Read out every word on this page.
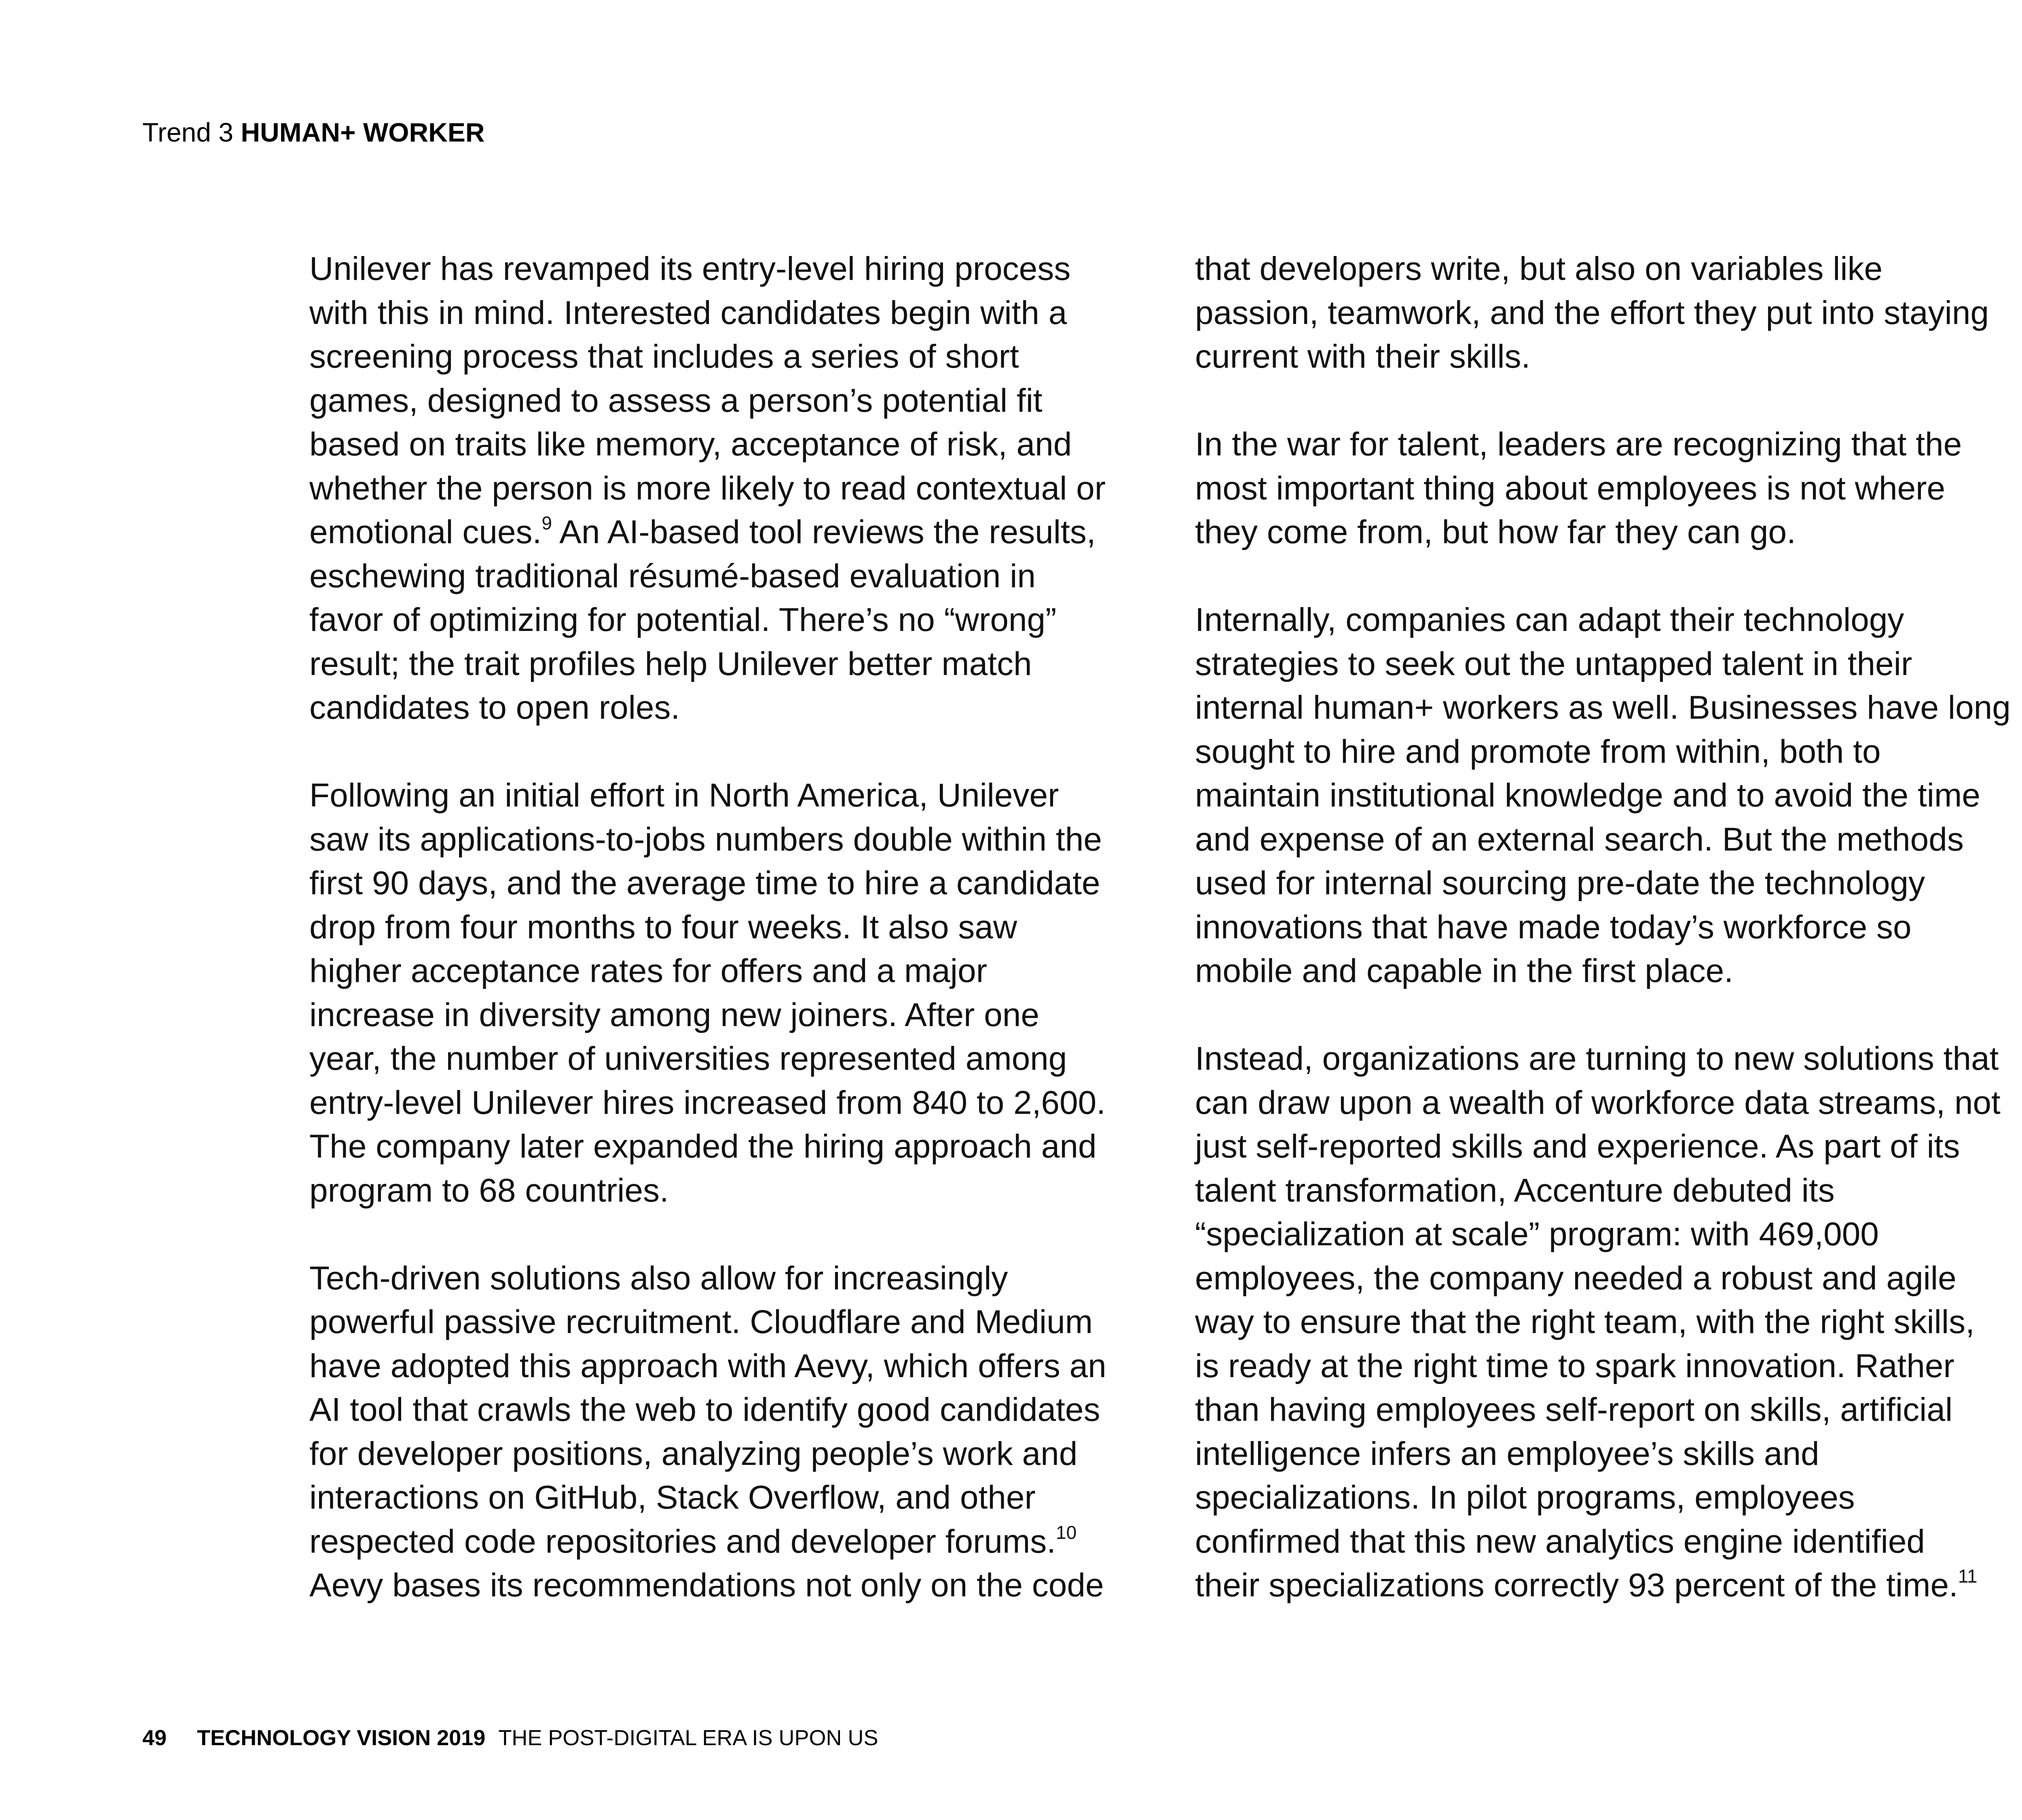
Trend 3 HUMAN+ WORKER

Unilever has revamped its entry-level hiring process
with this in mind. Interested candidates begin with a
screening process that includes a series of short
games, designed to assess a person’s potential fit
based on traits like memory, acceptance of risk, and
whether the person is more likely to read contextual or
emotional cues.$^9$ An AI-based tool reviews the results,
eschewing traditional résumé-based evaluation in
favor of optimizing for potential. There’s no “wrong”
result; the trait profiles help Unilever better match
candidates to open roles.

Following an initial effort in North America, Unilever
saw its applications-to-jobs numbers double within the
first 90 days, and the average time to hire a candidate
drop from four months to four weeks. It also saw
higher acceptance rates for offers and a major
increase in diversity among new joiners. After one
year, the number of universities represented among
entry-level Unilever hires increased from 840 to 2,600.
The company later expanded the hiring approach and
program to 68 countries.

Tech-driven solutions also allow for increasingly
powerful passive recruitment. Cloudflare and Medium
have adopted this approach with Aevy, which offers an
AI tool that crawls the web to identify good candidates
for developer positions, analyzing people’s work and
interactions on GitHub, Stack Overflow, and other
respected code repositories and developer forums.$^{10}$
Aevy bases its recommendations not only on the code

that developers write, but also on variables like
passion, teamwork, and the effort they put into staying
current with their skills.

In the war for talent, leaders are recognizing that the
most important thing about employees is not where
they come from, but how far they can go.

Internally, companies can adapt their technology
strategies to seek out the untapped talent in their
internal human+ workers as well. Businesses have long
sought to hire and promote from within, both to
maintain institutional knowledge and to avoid the time
and expense of an external search. But the methods
used for internal sourcing pre-date the technology
innovations that have made today’s workforce so
mobile and capable in the first place.

Instead, organizations are turning to new solutions that
can draw upon a wealth of workforce data streams, not
just self-reported skills and experience. As part of its
talent transformation, Accenture debuted its
“specialization at scale” program: with 469,000
employees, the company needed a robust and agile
way to ensure that the right team, with the right skills,
is ready at the right time to spark innovation. Rather
than having employees self-report on skills, artificial
intelligence infers an employee’s skills and
specializations. In pilot programs, employees
confirmed that this new analytics engine identified
their specializations correctly 93 percent of the time.$^{11}$

49 TECHNOLOGY VISION 2019 THE POST-DIGITAL ERA IS UPON US
